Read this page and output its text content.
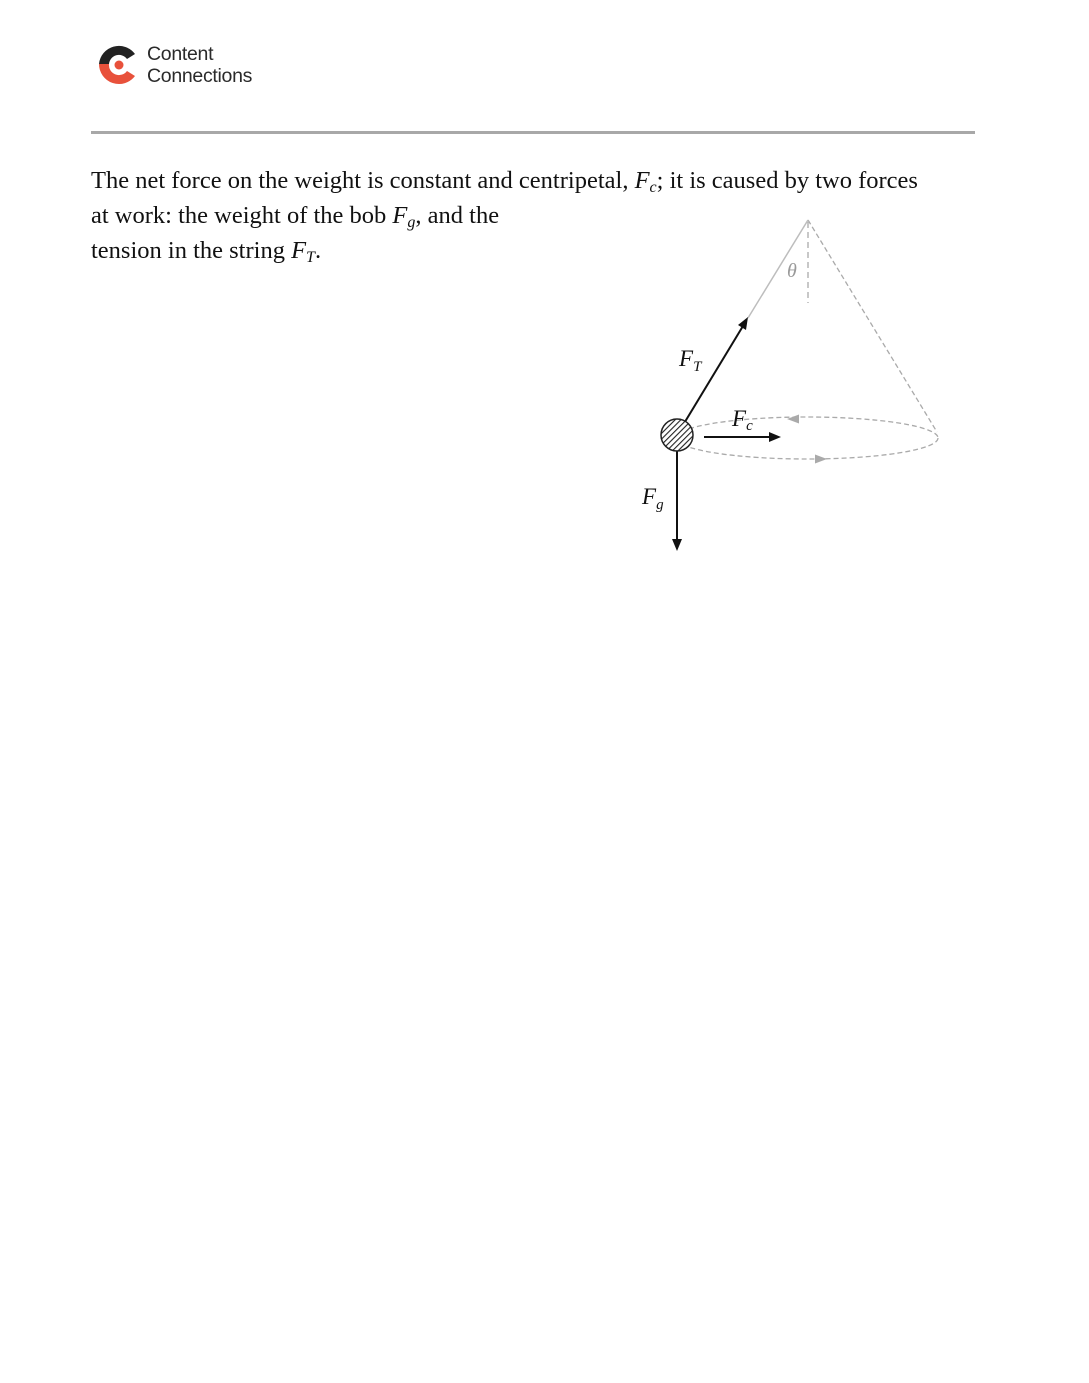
Content
Connections
The net force on the weight is constant and centripetal, $F_c$; it is caused by two forces at work: the weight of the bob $F_g$, and the
tension in the string $F_T$.
θ
$F_T$
Fc
$F_g$
